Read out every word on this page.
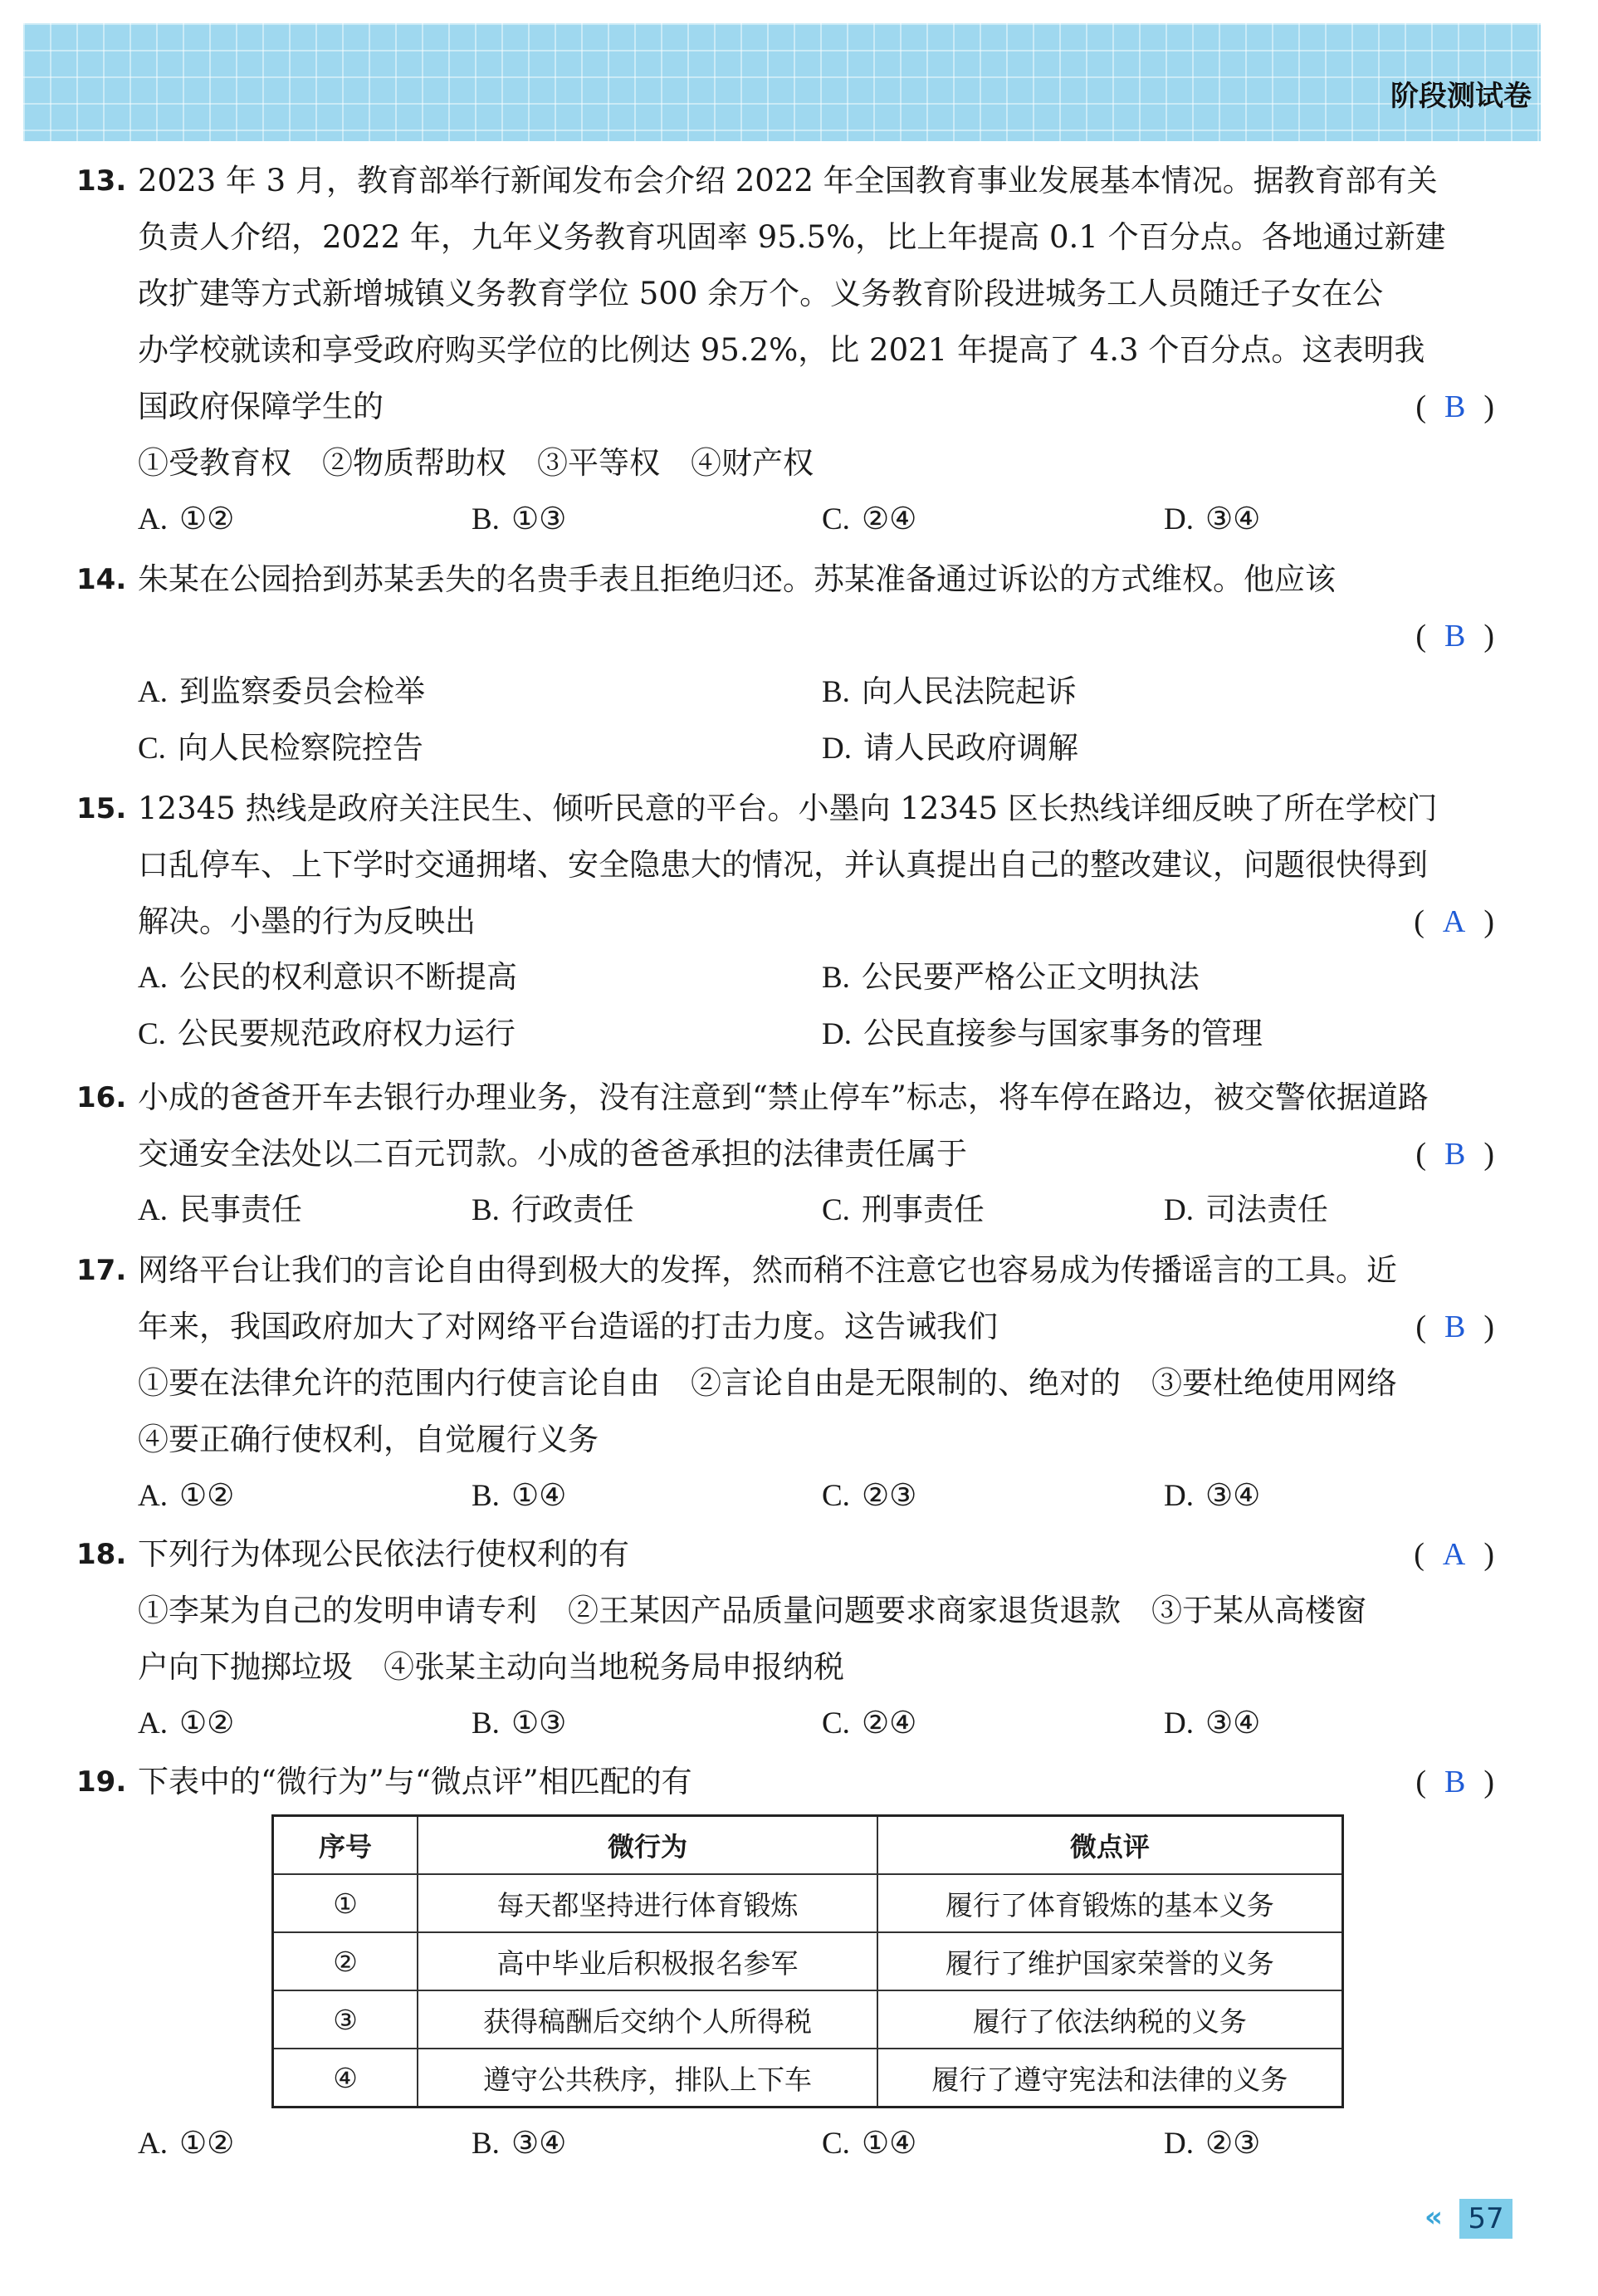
阶段测试卷
13. 2023 年 3 月，教育部举行新闻发布会介绍 2022 年全国教育事业发展基本情况。据教育部有关
负责人介绍，2022 年，九年义务教育巩固率 95.5%，比上年提高 0.1 个百分点。各地通过新建
改扩建等方式新增城镇义务教育学位 500 余万个。义务教育阶段进城务工人员随迁子女在公
办学校就读和享受政府购买学位的比例达 95.2%，比 2021 年提高了 4.3 个百分点。这表明我
国政府保障学生的	( B )
①受教育权　②物质帮助权　③平等权　④财产权
A. ①②	B. ①③	C. ②④	D. ③④
14. 朱某在公园拾到苏某丢失的名贵手表且拒绝归还。苏某准备通过诉讼的方式维权。他应该
( B )
A. 到监察委员会检举	B. 向人民法院起诉
C. 向人民检察院控告	D. 请人民政府调解
15. 12345 热线是政府关注民生、倾听民意的平台。小墨向 12345 区长热线详细反映了所在学校门
口乱停车、上下学时交通拥堵、安全隐患大的情况，并认真提出自己的整改建议，问题很快得到
解决。小墨的行为反映出	( A )
A. 公民的权利意识不断提高	B. 公民要严格公正文明执法
C. 公民要规范政府权力运行	D. 公民直接参与国家事务的管理
16. 小成的爸爸开车去银行办理业务，没有注意到“禁止停车”标志，将车停在路边，被交警依据道路
交通安全法处以二百元罚款。小成的爸爸承担的法律责任属于	( B )
A. 民事责任	B. 行政责任	C. 刑事责任	D. 司法责任
17. 网络平台让我们的言论自由得到极大的发挥，然而稍不注意它也容易成为传播谣言的工具。近
年来，我国政府加大了对网络平台造谣的打击力度。这告诫我们	( B )
①要在法律允许的范围内行使言论自由　②言论自由是无限制的、绝对的　③要杜绝使用网络
④要正确行使权利，自觉履行义务
A. ①②	B. ①④	C. ②③	D. ③④
18. 下列行为体现公民依法行使权利的有	( A )
①李某为自己的发明申请专利　②王某因产品质量问题要求商家退货退款　③于某从高楼窗
户向下抛掷垃圾　④张某主动向当地税务局申报纳税
A. ①②	B. ①③	C. ②④	D. ③④
19. 下表中的“微行为”与“微点评”相匹配的有	( B )
序号	微行为	微点评
①	每天都坚持进行体育锻炼	履行了体育锻炼的基本义务
②	高中毕业后积极报名参军	履行了维护国家荣誉的义务
③	获得稿酬后交纳个人所得税	履行了依法纳税的义务
④	遵守公共秩序，排队上下车	履行了遵守宪法和法律的义务
A. ①②	B. ③④	C. ①④	D. ②③
« 57
